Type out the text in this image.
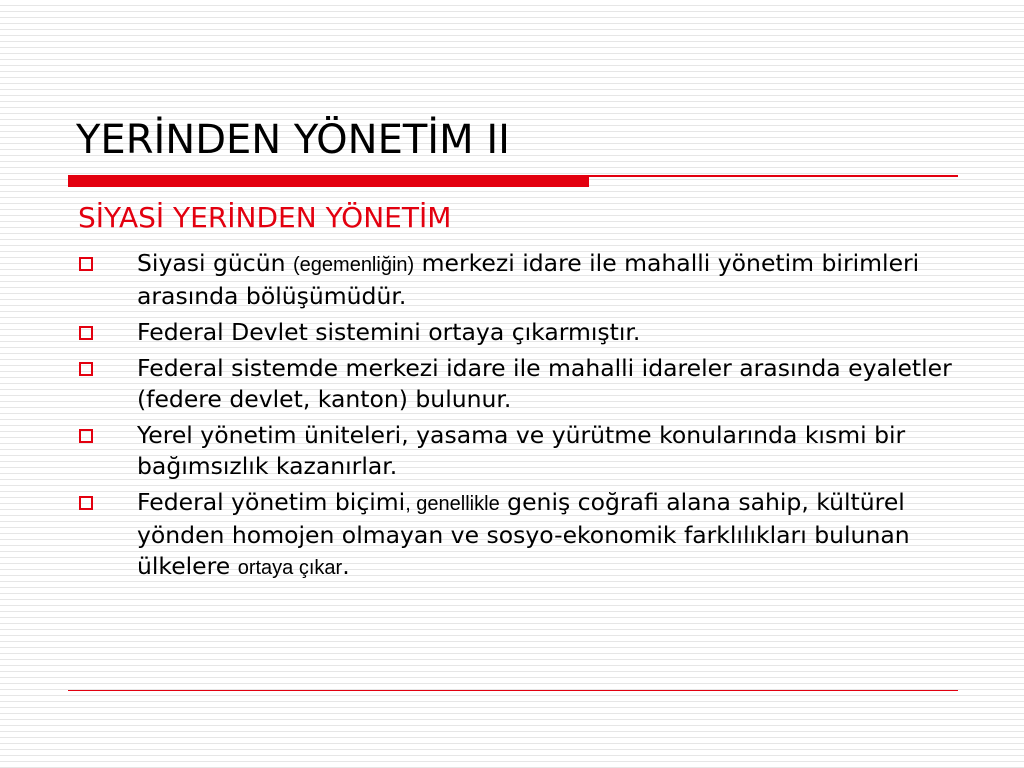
YERİNDEN YÖNETİM II
SİYASİ YERİNDEN YÖNETİM
Siyasi gücün (egemenliğin) merkezi idare ile mahalli yönetim birimleri arasında bölüşümüdür.
Federal Devlet sistemini ortaya çıkarmıştır.
Federal sistemde merkezi idare ile mahalli idareler arasında eyaletler (federe devlet, kanton) bulunur.
Yerel yönetim üniteleri, yasama ve yürütme konularında kısmi bir bağımsızlık kazanırlar.
Federal yönetim biçimi, genellikle geniş coğrafi alana sahip, kültürel yönden homojen olmayan ve sosyo-ekonomik farklılıkları bulunan ülkelere ortaya çıkar.
